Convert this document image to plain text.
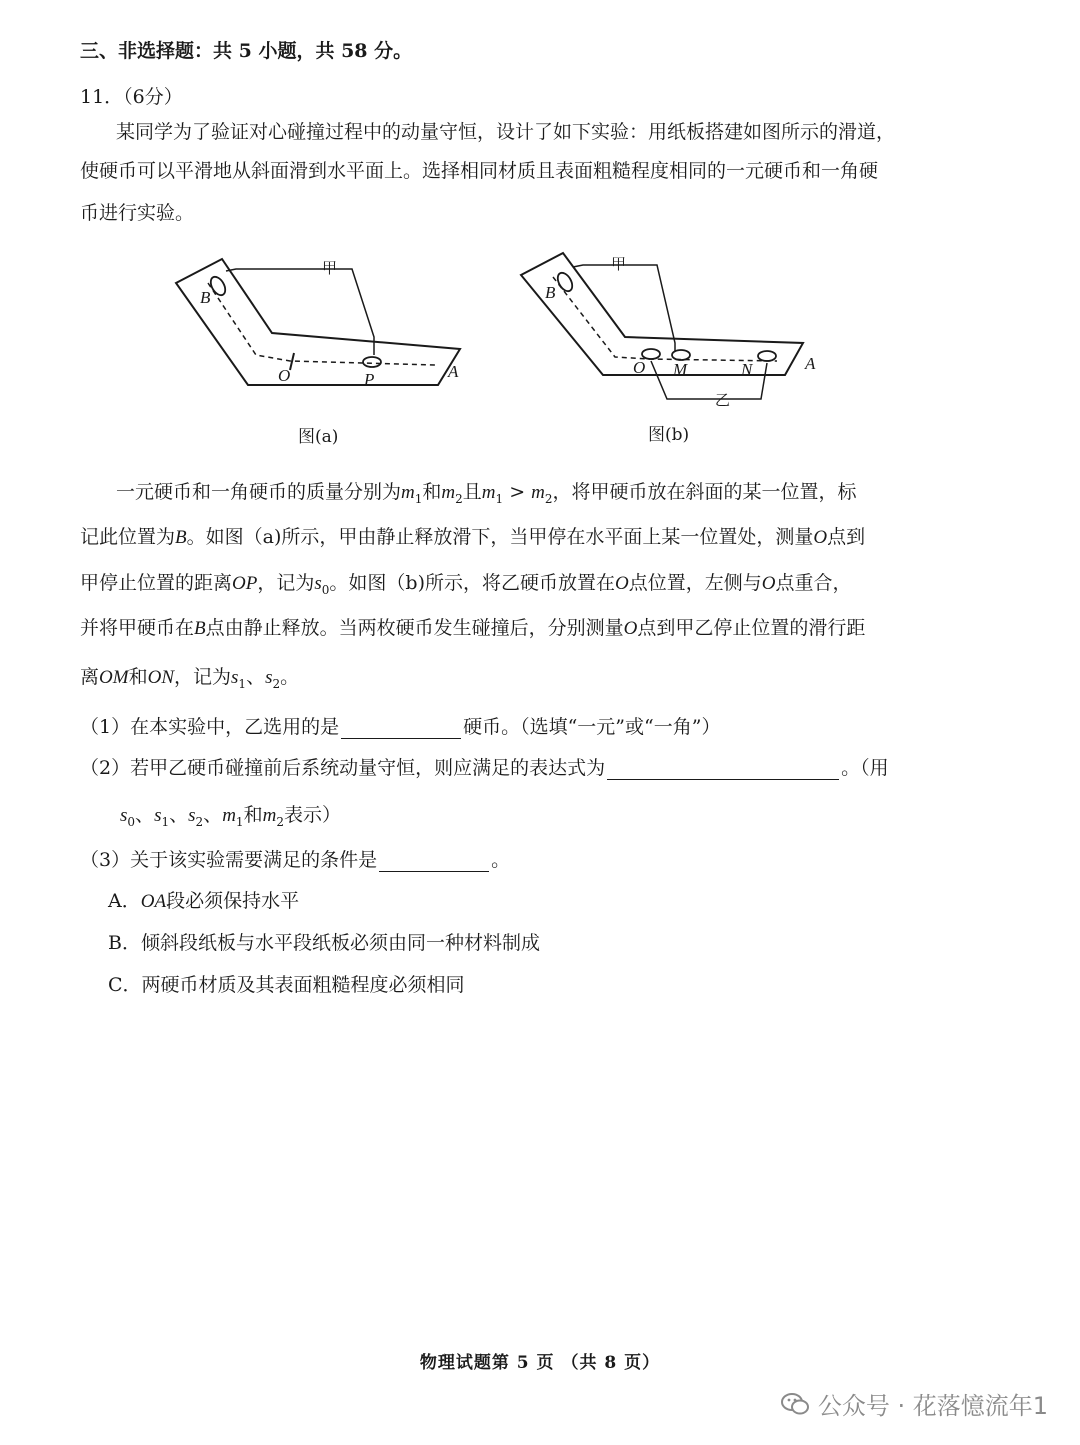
三、非选择题：共 5 小题，共 58 分。
11．（6分）
某同学为了验证对心碰撞过程中的动量守恒，设计了如下实验：用纸板搭建如图所示的滑道，
使硬币可以平滑地从斜面滑到水平面上。选择相同材质且表面粗糙程度相同的一元硬币和一角硬
币进行实验。
甲
B
O	P	A
图(a)
甲
乙
B
O M	N	A
图(b)
一元硬币和一角硬币的质量分别为$m_1$和$m_2$且$m_1 > m_2$，将甲硬币放在斜面的某一位置，标
记此位置为B。如图（a)所示，甲由静止释放滑下，当甲停在水平面上某一位置处，测量O点到
甲停止位置的距离OP，记为$s_0$。如图（b)所示，将乙硬币放置在O点位置，左侧与O点重合，
并将甲硬币在B点由静止释放。当两枚硬币发生碰撞后，分别测量O点到甲乙停止位置的滑行距
离OM和ON，记为$s_1$、$s_2$。
（1）在本实验中，乙选用的是	硬币。（选填“一元”或“一角”）
（2）若甲乙硬币碰撞前后系统动量守恒，则应满足的表达式为	。（用
$s_0$、$s_1$、$s_2$、$m_1$和$m_2$表示）
（3）关于该实验需要满足的条件是	。
A．OA段必须保持水平
B．倾斜段纸板与水平段纸板必须由同一种材料制成
C．两硬币材质及其表面粗糙程度必须相同
物理试题第 5 页 （共 8 页）
公众号 · 花落憶流年1
